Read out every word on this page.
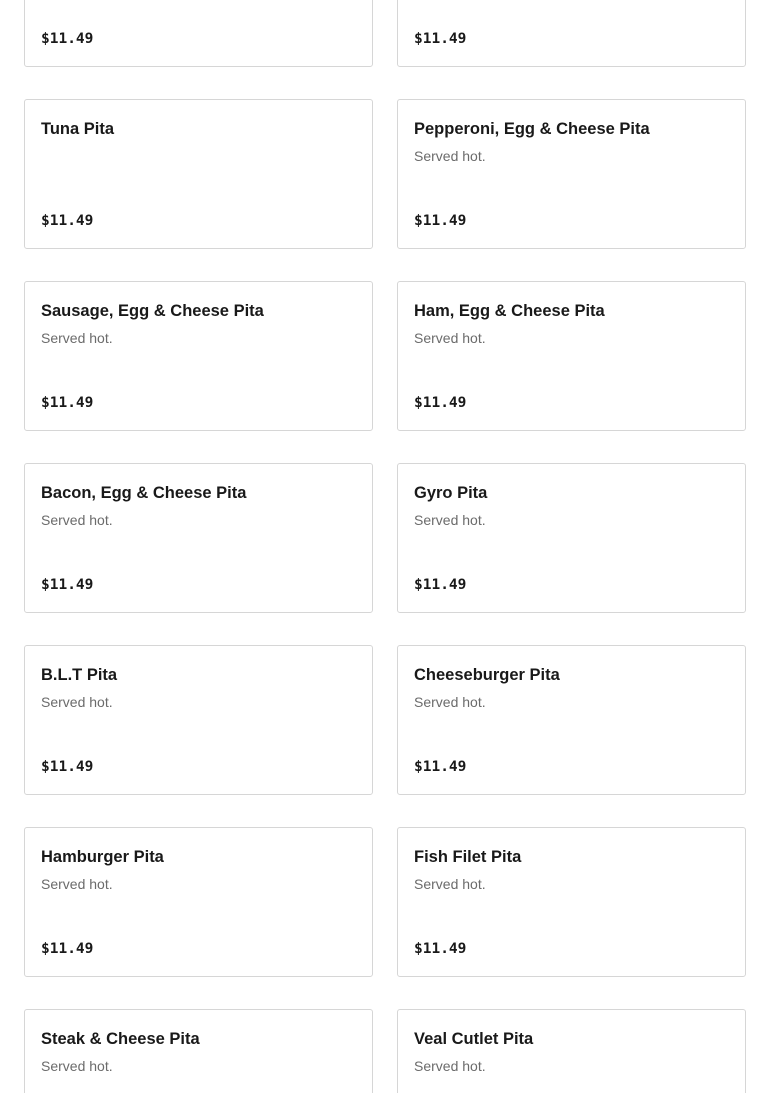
$11.49	$11.49
Tuna Pita
$11.49
Pepperoni, Egg & Cheese Pita
Served hot.
$11.49
Sausage, Egg & Cheese Pita
Served hot.
$11.49
Ham, Egg & Cheese Pita
Served hot.
$11.49
Bacon, Egg & Cheese Pita
Served hot.
$11.49
Gyro Pita
Served hot.
$11.49
B.L.T Pita
Served hot.
$11.49
Cheeseburger Pita
Served hot.
$11.49
Hamburger Pita
Served hot.
$11.49
Fish Filet Pita
Served hot.
$11.49
Steak & Cheese Pita
Served hot.
Veal Cutlet Pita
Served hot.
